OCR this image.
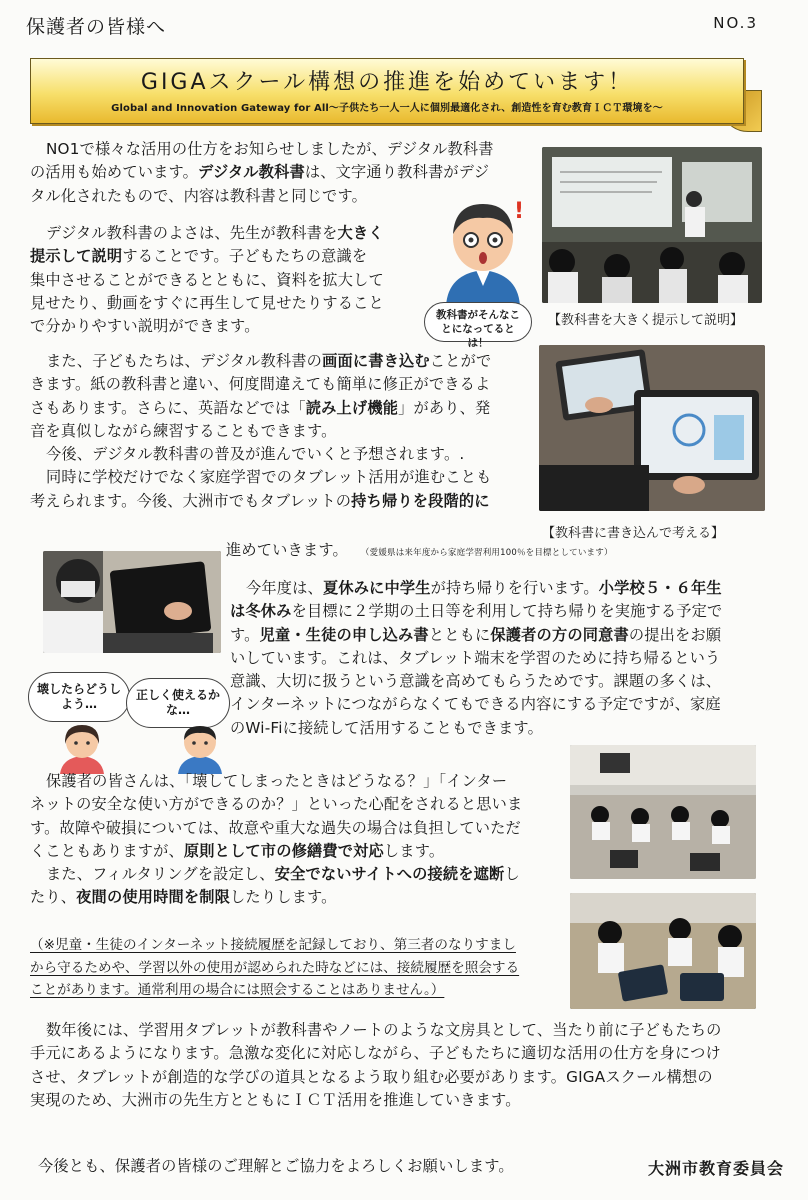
保護者の皆様へ	NO.3
GIGAスクール構想の推進を始めています！
Global and Innovation Gateway for All～子供たち一人一人に個別最適化され、創造性を育む教育ＩＣＴ環境を～
NO1で様々な活用の仕方をお知らせしましたが、デジタル教科書
の活用も始めています。デジタル教科書は、文字通り教科書がデジ
タル化されたもので、内容は教科書と同じです。
デジタル教科書のよさは、先生が教科書を大きく
提示して説明することです。子どもたちの意識を
集中させることができるとともに、資料を拡大して
見せたり、動画をすぐに再生して見せたりすること
で分かりやすい説明ができます。
!
教科書がそんなことになってるとは！
【教科書を大きく提示して説明】
また、子どもたちは、デジタル教科書の画面に書き込むことがで
きます。紙の教科書と違い、何度間違えても簡単に修正ができるよ
さもあります。さらに、英語などでは「読み上げ機能」があり、発
音を真似しながら練習することもできます。
今後、デジタル教科書の普及が進んでいくと予想されます。.
同時に学校だけでなく家庭学習でのタブレット活用が進むことも
考えられます。今後、大洲市でもタブレットの持ち帰りを段階的に
【教科書に書き込んで考える】
進めていきます。 （愛媛県は来年度から家庭学習利用100％を目標としています）
今年度は、夏休みに中学生が持ち帰りを行います。小学校５・６年生
は冬休みを目標に２学期の土日等を利用して持ち帰りを実施する予定で
す。児童・生徒の申し込み書とともに保護者の方の同意書の提出をお願
いしています。これは、タブレット端末を学習のために持ち帰るという
意識、大切に扱うという意識を高めてもらうためです。課題の多くは、
インターネットにつながらなくてもできる内容にする予定ですが、家庭
のWi-Fiに接続して活用することもできます。
壊したらどうしよう…
正しく使えるかな…
保護者の皆さんは、「壊してしまったときはどうなる？」「インター
ネットの安全な使い方ができるのか？」といった心配をされると思いま
す。故障や破損については、故意や重大な過失の場合は負担していただ
くこともありますが、原則として市の修繕費で対応します。
また、フィルタリングを設定し、安全でないサイトへの接続を遮断し
たり、夜間の使用時間を制限したりします。
（※児童・生徒のインターネット接続履歴を記録しており、第三者のなりすまし
から守るためや、学習以外の使用が認められた時などには、接続履歴を照会する
ことがあります。通常利用の場合には照会することはありません。）
数年後には、学習用タブレットが教科書やノートのような文房具として、当たり前に子どもたちの
手元にあるようになります。急激な変化に対応しながら、子どもたちに適切な活用の仕方を身につけ
させ、タブレットが創造的な学びの道具となるよう取り組む必要があります。GIGAスクール構想の
実現のため、大洲市の先生方とともにＩＣＴ活用を推進していきます。
今後とも、保護者の皆様のご理解とご協力をよろしくお願いします。	大洲市教育委員会
